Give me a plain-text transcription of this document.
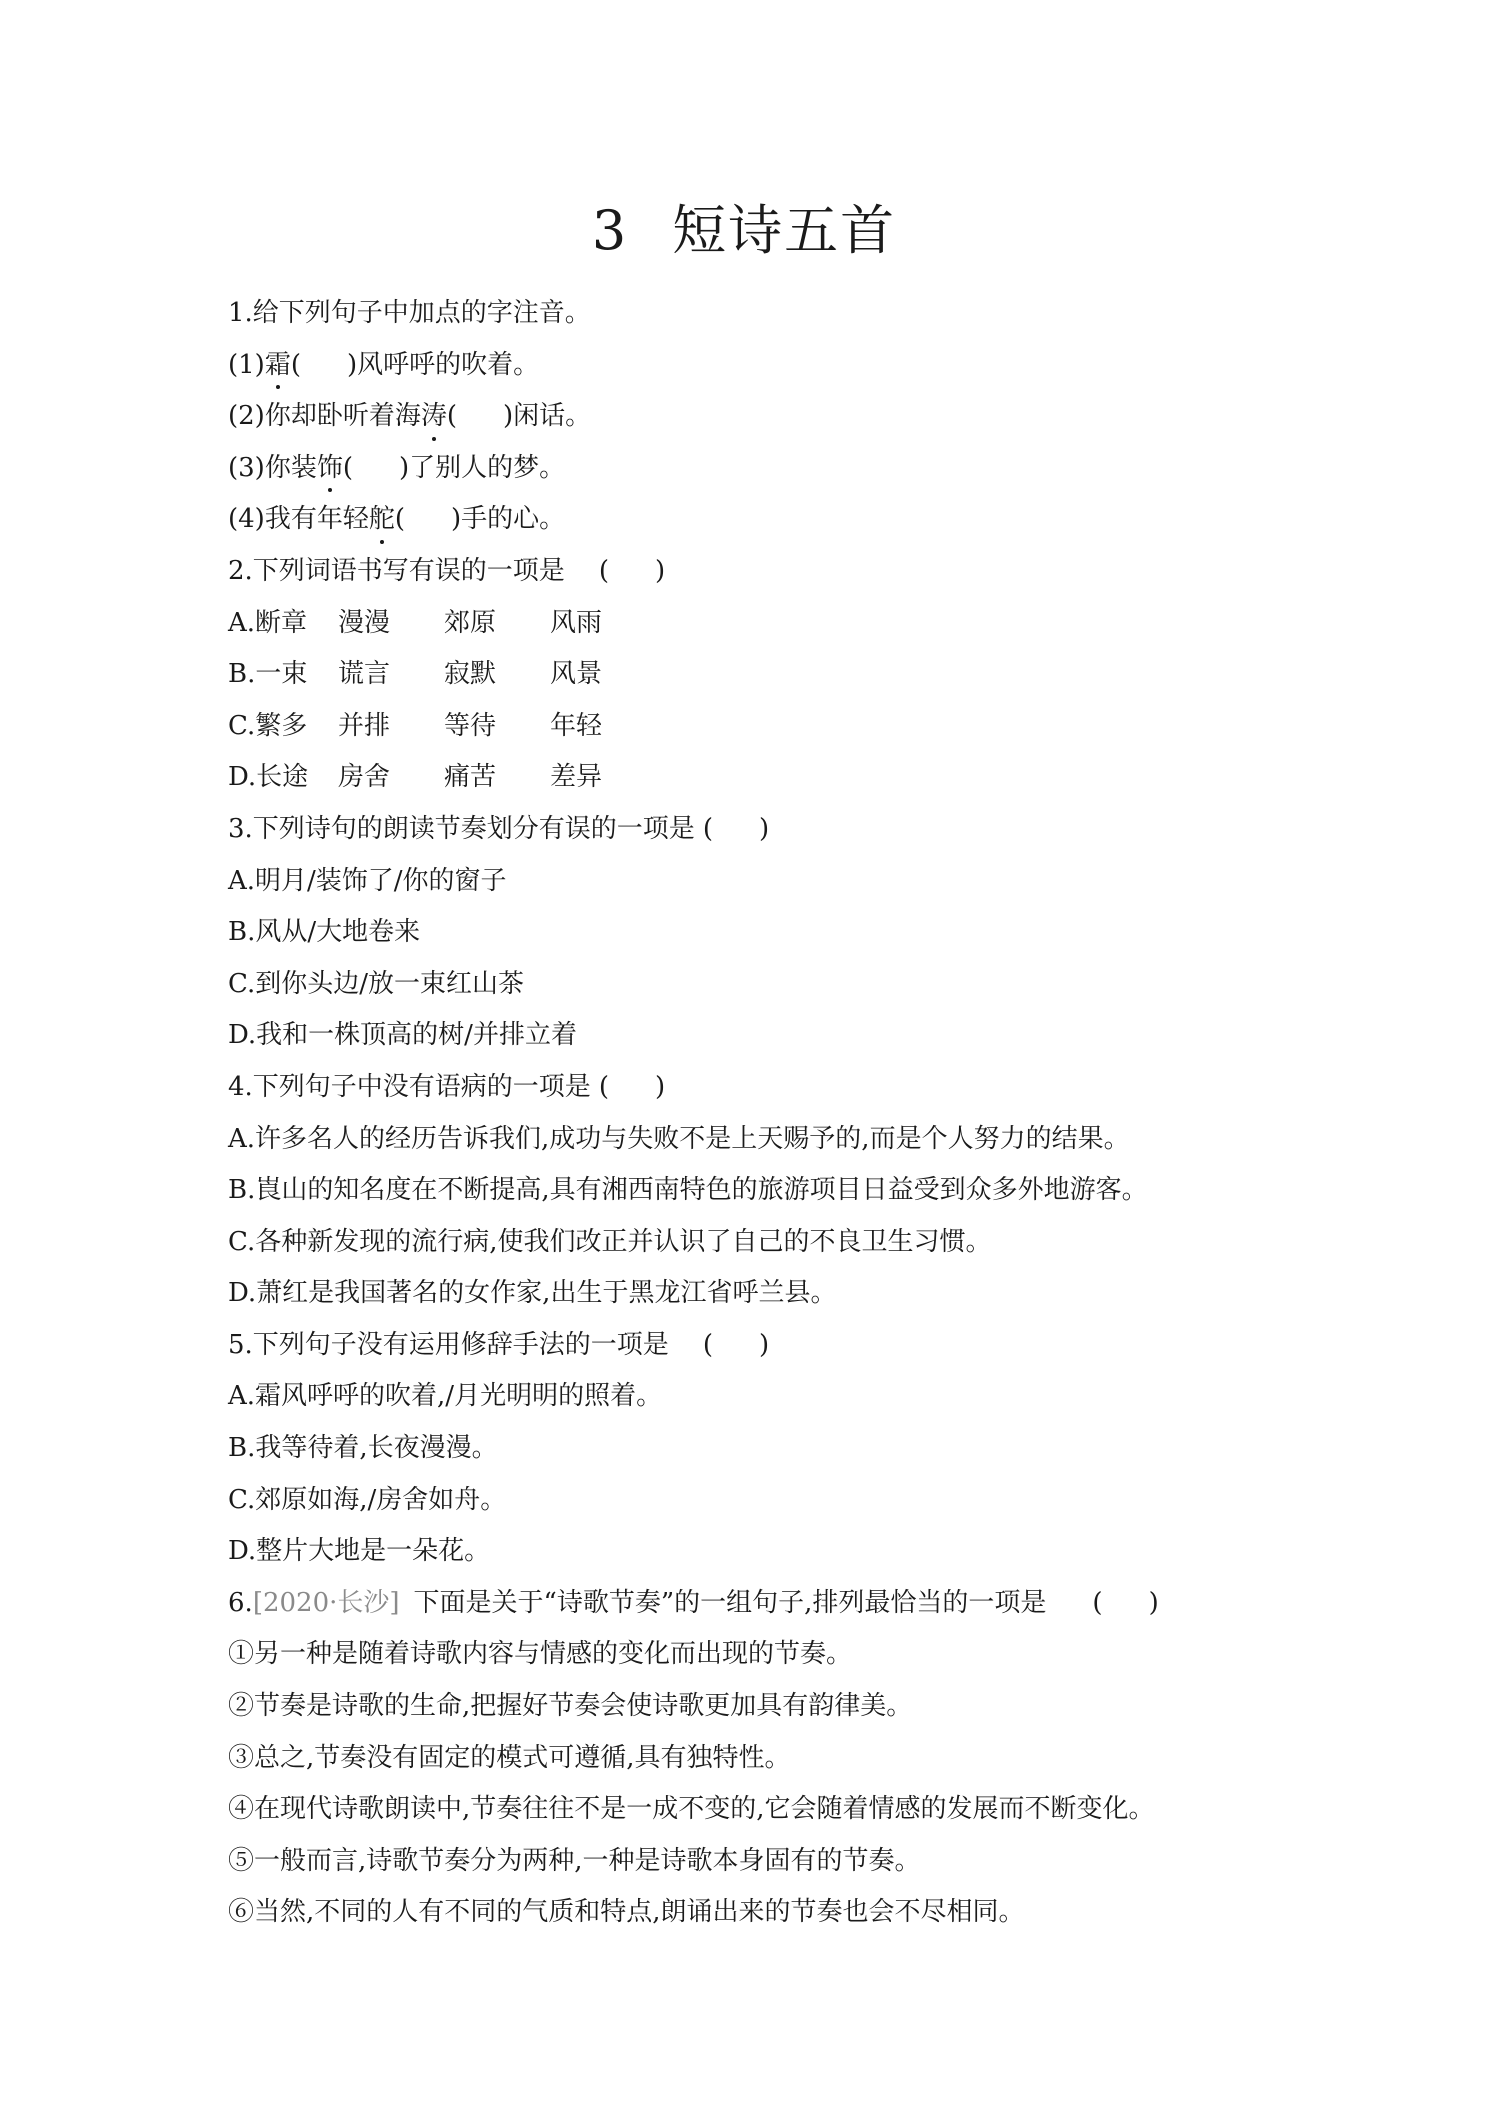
3 短诗五首
1.给下列句子中加点的字注音。
(1)霜( )风呼呼的吹着。
(2)你却卧听着海涛( )闲话。
(3)你装饰( )了别人的梦。
(4)我有年轻舵( )手的心。
2.下列词语书写有误的一项是 ( )
A.断章 漫漫 郊原 风雨
B.一束 谎言 寂默 风景
C.繁多 并排 等待 年轻
D.长途 房舍 痛苦 差异
3.下列诗句的朗读节奏划分有误的一项是 ( )
A.明月/装饰了/你的窗子
B.风从/大地卷来
C.到你头边/放一束红山茶
D.我和一株顶高的树/并排立着
4.下列句子中没有语病的一项是 ( )
A.许多名人的经历告诉我们,成功与失败不是上天赐予的,而是个人努力的结果。
B.崀山的知名度在不断提高,具有湘西南特色的旅游项目日益受到众多外地游客。
C.各种新发现的流行病,使我们改正并认识了自己的不良卫生习惯。
D.萧红是我国著名的女作家,出生于黑龙江省呼兰县。
5.下列句子没有运用修辞手法的一项是 ( )
A.霜风呼呼的吹着,/月光明明的照着。
B.我等待着,长夜漫漫。
C.郊原如海,/房舍如舟。
D.整片大地是一朵花。
6.[2020·长沙] 下面是关于“诗歌节奏”的一组句子,排列最恰当的一项是 ( )
①另一种是随着诗歌内容与情感的变化而出现的节奏。
②节奏是诗歌的生命,把握好节奏会使诗歌更加具有韵律美。
③总之,节奏没有固定的模式可遵循,具有独特性。
④在现代诗歌朗读中,节奏往往不是一成不变的,它会随着情感的发展而不断变化。
⑤一般而言,诗歌节奏分为两种,一种是诗歌本身固有的节奏。
⑥当然,不同的人有不同的气质和特点,朗诵出来的节奏也会不尽相同。
